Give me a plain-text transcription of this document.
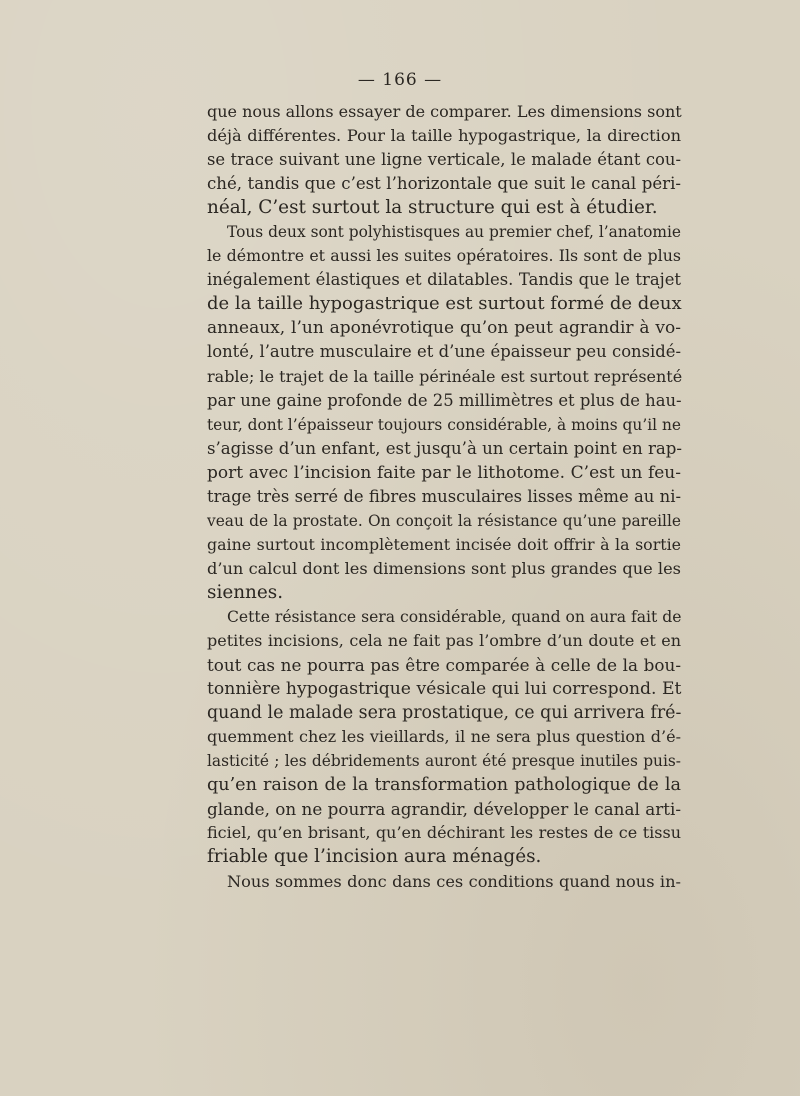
— 166 —
que nous allons essayer de comparer. Les dimensions sont
déjà différentes. Pour la taille hypogastrique, la direction
se trace suivant une ligne verticale, le malade étant cou-
ché, tandis que c’est l’horizontale que suit le canal péri-
néal, C’est surtout la structure qui est à étudier.
Tous deux sont polyhistisques au premier chef, l’anatomie
le démontre et aussi les suites opératoires. Ils sont de plus
inégalement élastiques et dilatables. Tandis que le trajet
de la taille hypogastrique est surtout formé de deux
anneaux, l’un aponévrotique qu’on peut agrandir à vo-
lonté, l’autre musculaire et d’une épaisseur peu considé-
rable; le trajet de la taille périnéale est surtout représenté
par une gaine profonde de 25 millimètres et plus de hau-
teur, dont l’épaisseur toujours considérable, à moins qu’il ne
s’agisse d’un enfant, est jusqu’à un certain point en rap-
port avec l’incision faite par le lithotome. C’est un feu-
trage très serré de fibres musculaires lisses même au ni-
veau de la prostate. On conçoit la résistance qu’une pareille
gaine surtout incomplètement incisée doit offrir à la sortie
d’un calcul dont les dimensions sont plus grandes que les
siennes.
Cette résistance sera considérable, quand on aura fait de
petites incisions, cela ne fait pas l’ombre d’un doute et en
tout cas ne pourra pas être comparée à celle de la bou-
tonnière hypogastrique vésicale qui lui correspond. Et
quand le malade sera prostatique, ce qui arrivera fré-
quemment chez les vieillards, il ne sera plus question d’é-
lasticité ; les débridements auront été presque inutiles puis-
qu’en raison de la transformation pathologique de la
glande, on ne pourra agrandir, développer le canal arti-
ficiel, qu’en brisant, qu’en déchirant les restes de ce tissu
friable que l’incision aura ménagés.
Nous sommes donc dans ces conditions quand nous in-
